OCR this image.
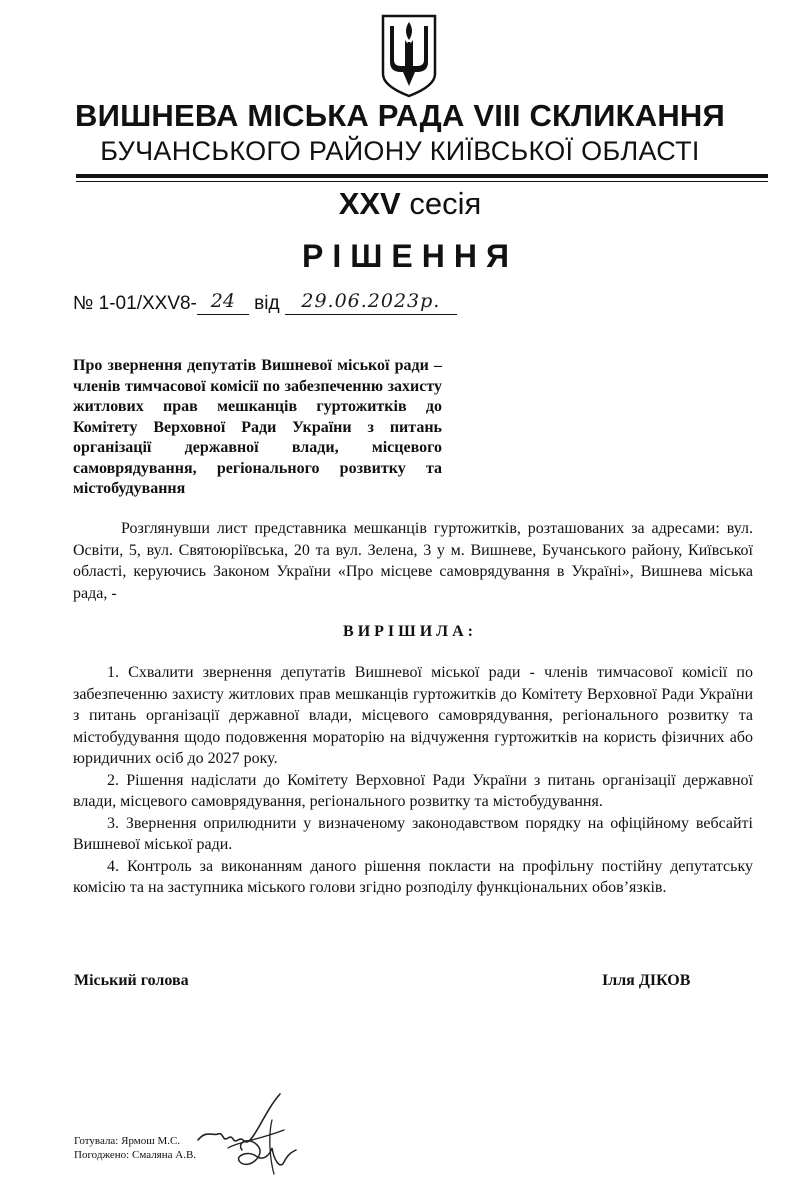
ВИШНЕВА МІСЬКА РАДА VIII СКЛИКАННЯ
БУЧАНСЬКОГО РАЙОНУ КИЇВСЬКОЇ ОБЛАСТІ
XXV сесія
РІШЕННЯ
№ 1-01/XXV8- 24 від 29.06.2023р.
Про звернення депутатів Вишневої міської ради – членів тимчасової комісії по забезпеченню захисту житлових прав мешканців гуртожитків до Комітету Верховної Ради України з питань організації державної влади, місцевого самоврядування, регіонального розвитку та містобудування
Розглянувши лист представника мешканців гуртожитків, розташованих за адресами: вул. Освіти, 5, вул. Святоюріївська, 20 та вул. Зелена, 3 у м. Вишневе, Бучанського району, Київської області, керуючись Законом України «Про місцеве самоврядування в Україні», Вишнева міська рада, -
ВИРІШИЛА:
1. Схвалити звернення депутатів Вишневої міської ради - членів тимчасової комісії по забезпеченню захисту житлових прав мешканців гуртожитків до Комітету Верховної Ради України з питань організації державної влади, місцевого самоврядування, регіонального розвитку та містобудування щодо подовження мораторію на відчуження гуртожитків на користь фізичних або юридичних осіб до 2027 року.
2. Рішення надіслати до Комітету Верховної Ради України з питань організації державної влади, місцевого самоврядування, регіонального розвитку та містобудування.
3. Звернення оприлюднити у визначеному законодавством порядку на офіційному вебсайті Вишневої міської ради.
4. Контроль за виконанням даного рішення покласти на профільну постійну депутатську комісію та на заступника міського голови згідно розподілу функціональних обов’язків.
Міський голова	Ілля ДІКОВ
Готувала: Ярмош М.С.
Погоджено: Смаляна А.В.
